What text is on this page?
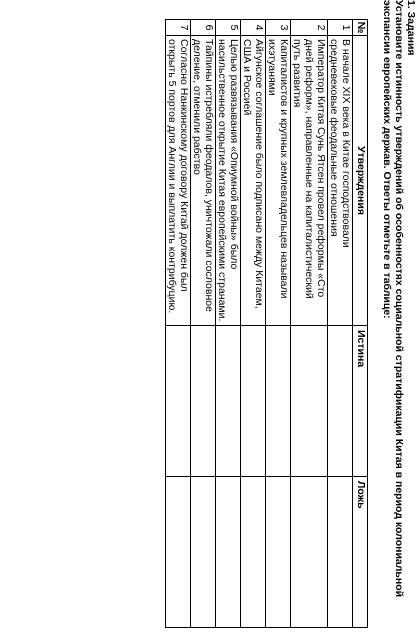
1. Задания
Установите истинность утверждений об особенностях социальной стратификации Китая в период колониальной экспансии европейских держав. Ответы отметьте в таблице:
№	Утверждения	Истина	Ложь
1	В начале XIX века в Китае господствовали средневековые феодальные отношения		
2	Император Китая Сунь Ятсен провел реформы «Сто дней реформ», направленные на капиталистический путь развития		
3	Капиталистов и крупных землевладельцев называли ихэтуанями		
4	Айгунское соглашение было подписано между Китаем, США и Россией		
5	Целью развязывания «Опиумной войны» было насильственное открытие Китая европейскими странами.		
6	Тайпины истребляли феодалов, уничтожали сословное деление, отменили рабство		
7	Согласно Нанкинскому договору Китай должен был открыть 5 портов для Англии и выплатить контрибуцию.		
